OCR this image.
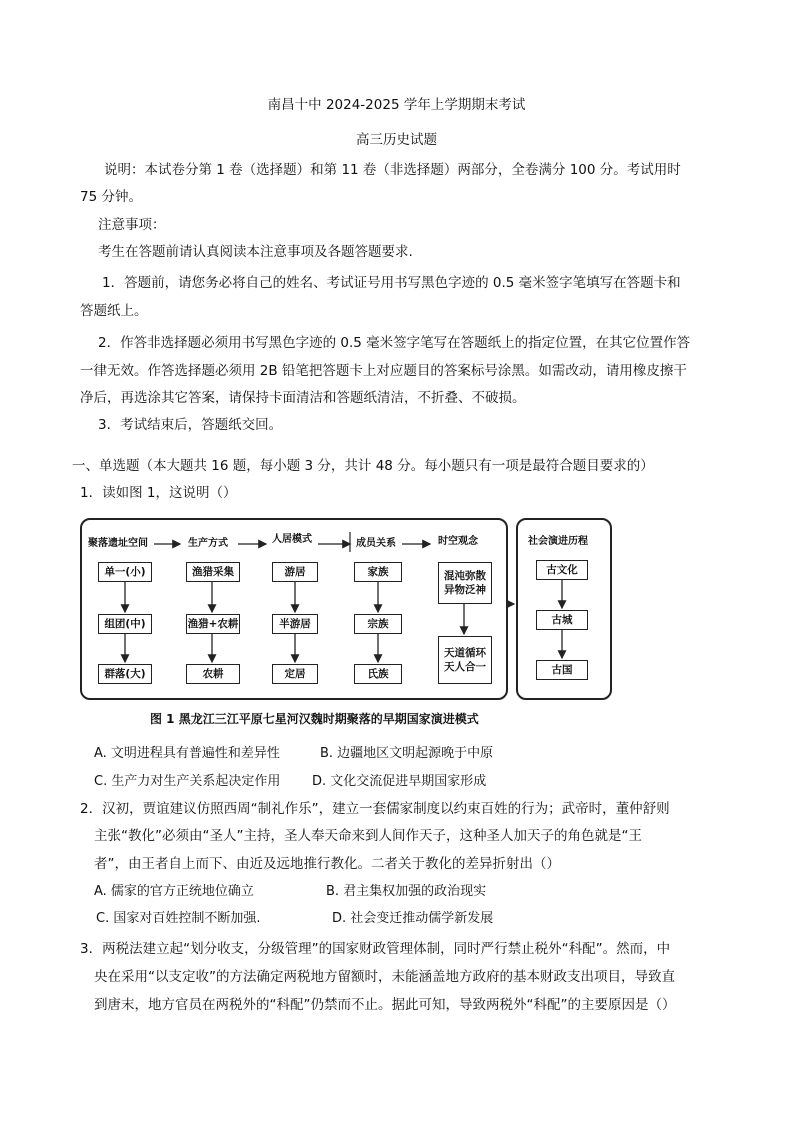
南昌十中 2024-2025 学年上学期期末考试
高三历史试题
说明：本试卷分第 1 卷（选择题）和第 11 卷（非选择题）两部分，全卷满分 100 分。考试用时
75 分钟。
注意事项：
考生在答题前请认真阅读本注意事项及各题答题要求.
1．答题前，请您务必将自己的姓名、考试证号用书写黑色字迹的 0.5 毫米签字笔填写在答题卡和
答题纸上。
2．作答非选择题必须用书写黑色字迹的 0.5 毫米签字笔写在答题纸上的指定位置，在其它位置作答
一律无效。作答选择题必须用 2B 铅笔把答题卡上对应题目的答案标号涂黑。如需改动，请用橡皮擦干
净后，再选涂其它答案，请保持卡面清洁和答题纸清洁，不折叠、不破损。
3．考试结束后，答题纸交回。
一、单选题（本大题共 16 题，每小题 3 分，共计 48 分。每小题只有一项是最符合题目要求的）
1．读如图 1，这说明（）
聚落遗址空间	生产方式	人居模式	成员关系	时空观念	社会演进历程
单一(小)
组团(中)
群落(大)
渔猎采集
渔猎+农耕
农耕
游居
半游居
定居
家族
宗族
氏族
混沌弥散
异物泛神
天道循环
天人合一
古文化
古城
古国
图 1 黑龙江三江平原七星河汉魏时期聚落的早期国家演进模式
A. 文明进程具有普遍性和差异性	B. 边疆地区文明起源晚于中原
C. 生产力对生产关系起决定作用 D. 文化交流促进早期国家形成
2．汉初，贾谊建议仿照西周“制礼作乐”，建立一套儒家制度以约束百姓的行为；武帝时，董仲舒则
主张“教化”必须由“圣人”主持，圣人奉天命来到人间作天子，这种圣人加天子的角色就是“王
者”，由王者自上而下、由近及远地推行教化。二者关于教化的差异折射出（）
A. 儒家的官方正统地位确立	B. 君主集权加强的政治现实
C. 国家对百姓控制不断加强.	D. 社会变迁推动儒学新发展
3．两税法建立起“划分收支，分级管理”的国家财政管理体制，同时严行禁止税外“科配”。然而，中
央在采用“以支定收”的方法确定两税地方留额时，未能涵盖地方政府的基本财政支出项目，导致直
到唐末，地方官员在两税外的“科配”仍禁而不止。据此可知，导致两税外“科配”的主要原因是（）
